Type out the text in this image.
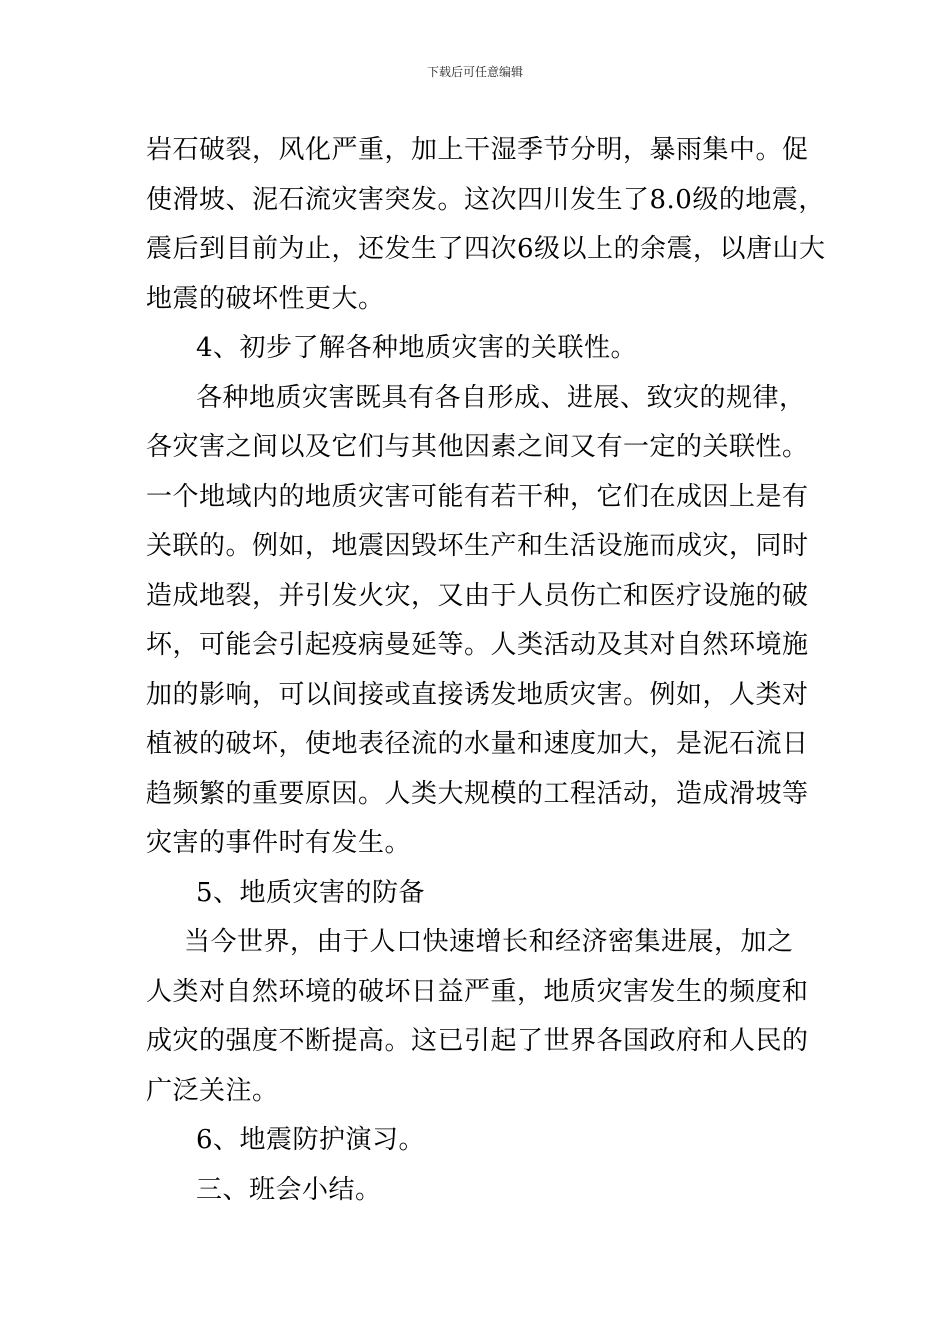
下载后可任意编辑
岩石破裂，风化严重，加上干湿季节分明，暴雨集中。促
使滑坡、泥石流灾害突发。这次四川发生了8.0级的地震，
震后到目前为止，还发生了四次6级以上的余震，以唐山大
地震的破坏性更大。
4、初步了解各种地质灾害的关联性。
各种地质灾害既具有各自形成、进展、致灾的规律，
各灾害之间以及它们与其他因素之间又有一定的关联性。
一个地域内的地质灾害可能有若干种，它们在成因上是有
关联的。例如，地震因毁坏生产和生活设施而成灾，同时
造成地裂，并引发火灾，又由于人员伤亡和医疗设施的破
坏，可能会引起疫病曼延等。人类活动及其对自然环境施
加的影响，可以间接或直接诱发地质灾害。例如，人类对
植被的破坏，使地表径流的水量和速度加大，是泥石流日
趋频繁的重要原因。人类大规模的工程活动，造成滑坡等
灾害的事件时有发生。
5、地质灾害的防备
当今世界，由于人口快速增长和经济密集进展，加之
人类对自然环境的破坏日益严重，地质灾害发生的频度和
成灾的强度不断提高。这已引起了世界各国政府和人民的
广泛关注。
6、地震防护演习。
三、班会小结。
